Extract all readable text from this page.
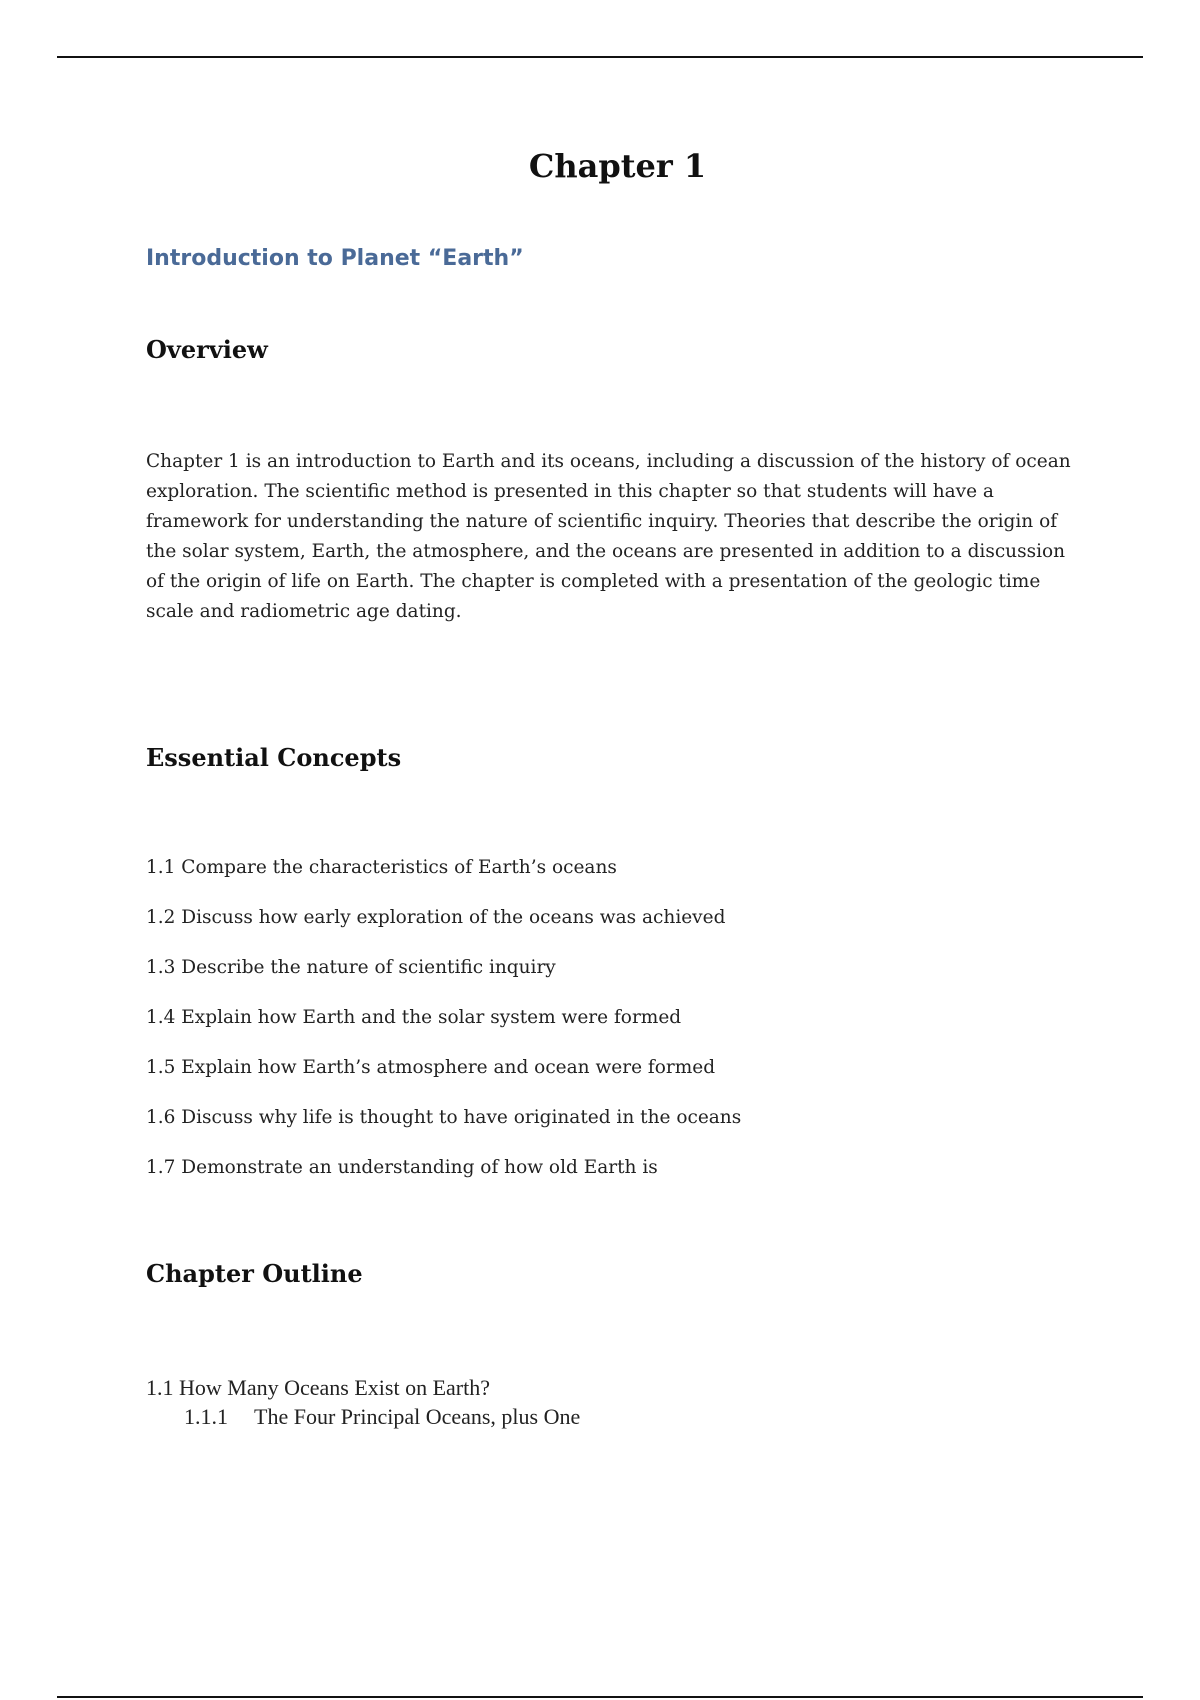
Chapter 1
Introduction to Planet “Earth”
Overview

Chapter 1 is an introduction to Earth and its oceans, including a discussion of the history of ocean exploration. The scientific method is presented in this chapter so that students will have a framework for understanding the nature of scientific inquiry. Theories that describe the origin of the solar system, Earth, the atmosphere, and the oceans are presented in addition to a discussion of the origin of life on Earth. The chapter is completed with a presentation of the geologic time scale and radiometric age dating.

Essential Concepts
1.1 Compare the characteristics of Earth’s oceans
1.2 Discuss how early exploration of the oceans was achieved
1.3 Describe the nature of scientific inquiry
1.4 Explain how Earth and the solar system were formed
1.5 Explain how Earth’s atmosphere and ocean were formed
1.6 Discuss why life is thought to have originated in the oceans
1.7 Demonstrate an understanding of how old Earth is
Chapter Outline
1.1 How Many Oceans Exist on Earth?
1.1.1 The Four Principal Oceans, plus One
